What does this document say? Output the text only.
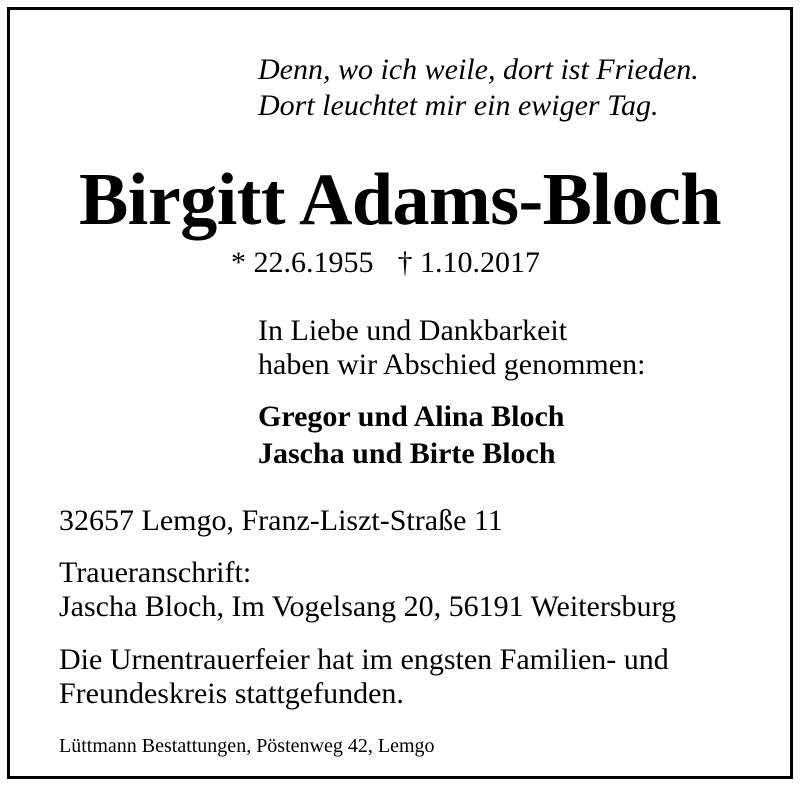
Denn, wo ich weile, dort ist Frieden.
Dort leuchtet mir ein ewiger Tag.
Birgitt Adams-Bloch
* 22.6.1955 † 1.10.2017
In Liebe und Dankbarkeit
haben wir Abschied genommen:
Gregor und Alina Bloch
Jascha und Birte Bloch
32657 Lemgo, Franz-Liszt-Straße 11
Traueranschrift:
Jascha Bloch, Im Vogelsang 20, 56191 Weitersburg
Die Urnentrauerfeier hat im engsten Familien- und
Freundeskreis stattgefunden.
Lüttmann Bestattungen, Pöstenweg 42, Lemgo
